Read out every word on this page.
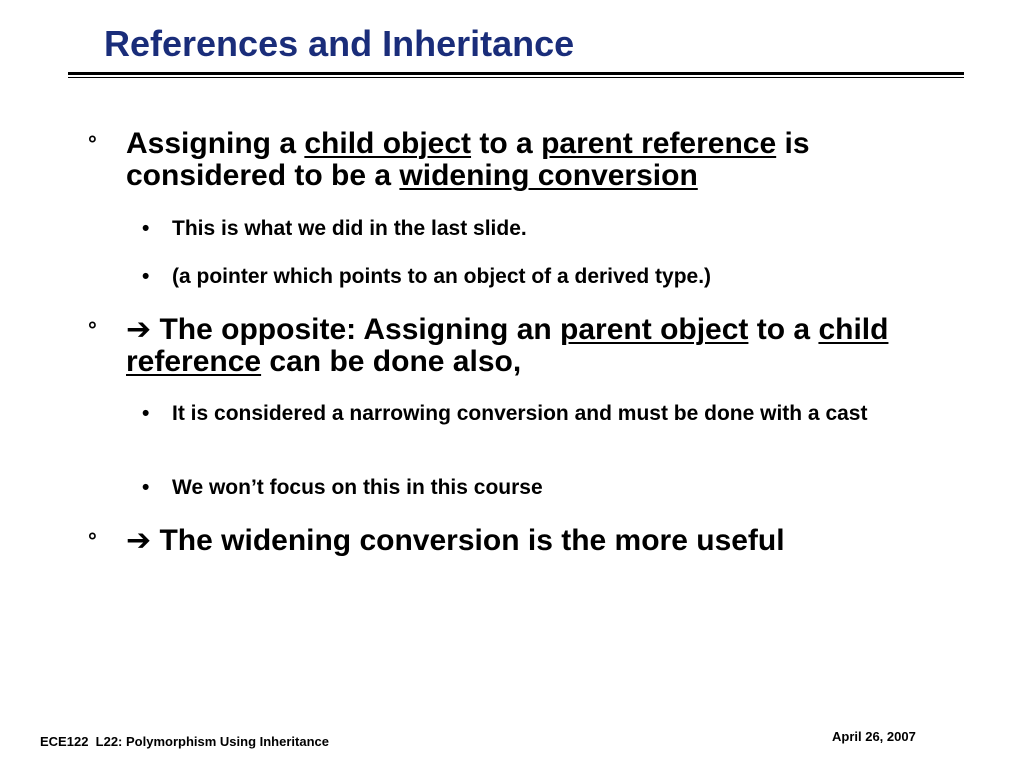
References and Inheritance
° Assigning a child object to a parent reference is considered to be a widening conversion
• This is what we did in the last slide.
• (a pointer which points to an object of a derived type.)
° ➔ The opposite: Assigning an parent object to a child reference can be done also,
• It is considered a narrowing conversion and must be done with a cast
• We won’t focus on this in this course
° ➔ The widening conversion is the more useful
ECE122  L22: Polymorphism Using Inheritance	April 26, 2007
